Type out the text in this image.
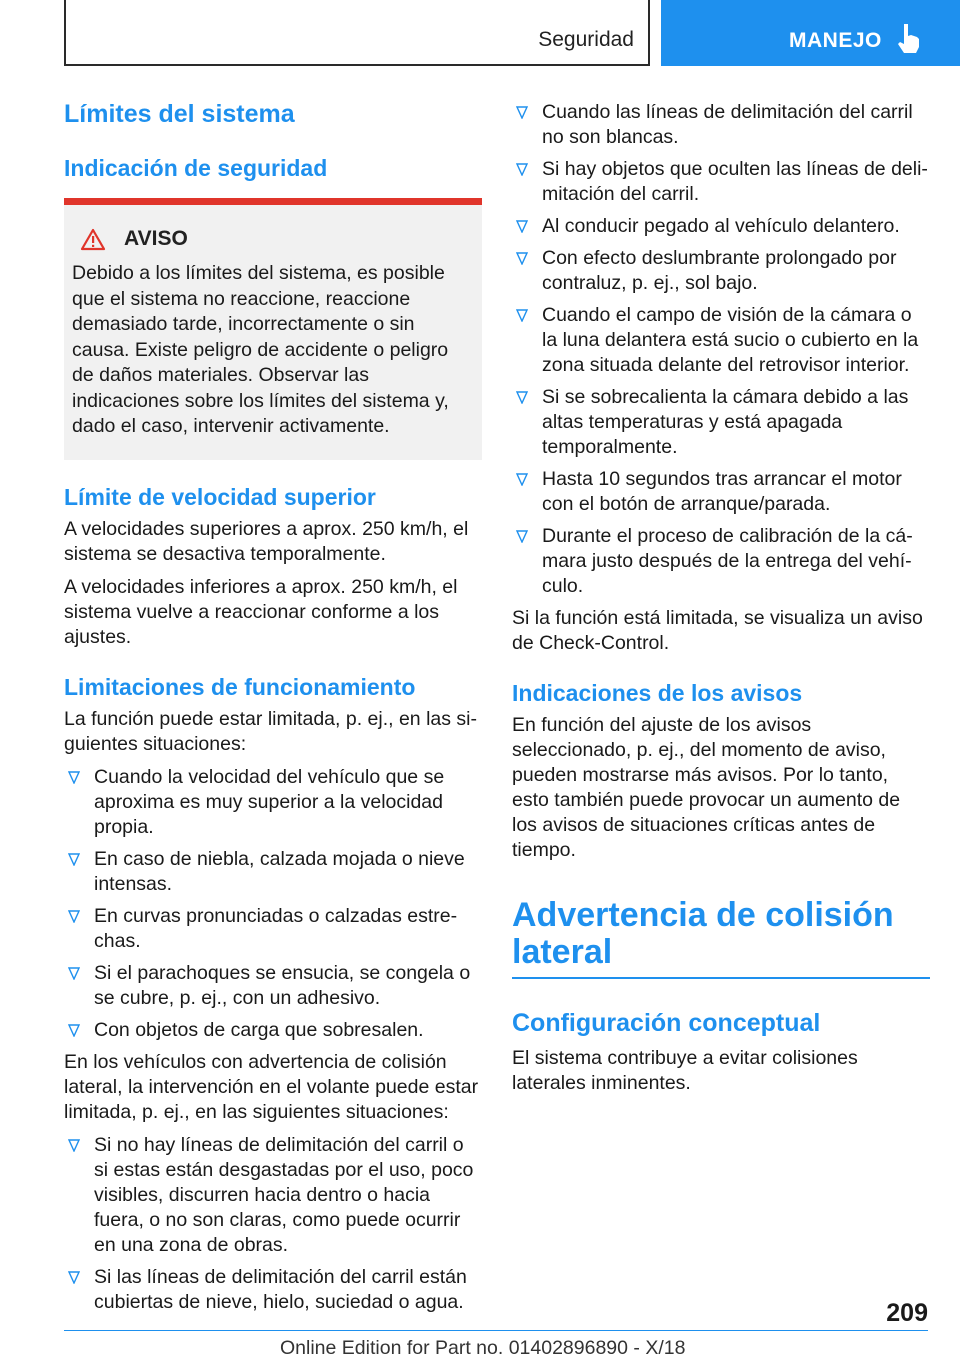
Seguridad	MANEJO
Límites del sistema
Indicación de seguridad
AVISO

Debido a los límites del sistema, es posible que el sistema no reaccione, reaccione demasiado tarde, incorrectamente o sin causa. Existe peligro de accidente o peligro de daños materiales. Observar las indicaciones sobre los límites del sistema y, dado el caso, intervenir activamente.

Límite de velocidad superior

A velocidades superiores a aprox. 250 km/h, el sistema se desactiva temporalmente.

A velocidades inferiores a aprox. 250 km/h, el sistema vuelve a reaccionar conforme a los ajustes.

Limitaciones de funcionamiento

La función puede estar limitada, p. ej., en las siguientes situaciones:

Cuando la velocidad del vehículo que se aproxima es muy superior a la velocidad propia.
En caso de niebla, calzada mojada o nieve intensas.
En curvas pronunciadas o calzadas estrechas.
Si el parachoques se ensucia, se congela o se cubre, p. ej., con un adhesivo.
Con objetos de carga que sobresalen.

En los vehículos con advertencia de colisión lateral, la intervención en el volante puede estar limitada, p. ej., en las siguientes situaciones:

Si no hay líneas de delimitación del carril o si estas están desgastadas por el uso, poco visibles, discurren hacia dentro o hacia fuera, o no son claras, como puede ocurrir en una zona de obras.
Si las líneas de delimitación del carril están cubiertas de nieve, hielo, suciedad o agua.
Cuando las líneas de delimitación del carril no son blancas.
Si hay objetos que oculten las líneas de delimitación del carril.
Al conducir pegado al vehículo delantero.
Con efecto deslumbrante prolongado por contraluz, p. ej., sol bajo.
Cuando el campo de visión de la cámara o la luna delantera está sucio o cubierto en la zona situada delante del retrovisor interior.
Si se sobrecalienta la cámara debido a las altas temperaturas y está apagada temporalmente.
Hasta 10 segundos tras arrancar el motor con el botón de arranque/parada.
Durante el proceso de calibración de la cámara justo después de la entrega del vehículo.

Si la función está limitada, se visualiza un aviso de Check-Control.

Indicaciones de los avisos

En función del ajuste de los avisos seleccionado, p. ej., del momento de aviso, pueden mostrarse más avisos. Por lo tanto, esto también puede provocar un aumento de los avisos de situaciones críticas antes de tiempo.

Advertencia de colisión lateral
Configuración conceptual

El sistema contribuye a evitar colisiones laterales inminentes.

209
Online Edition for Part no. 01402896890 - X/18
